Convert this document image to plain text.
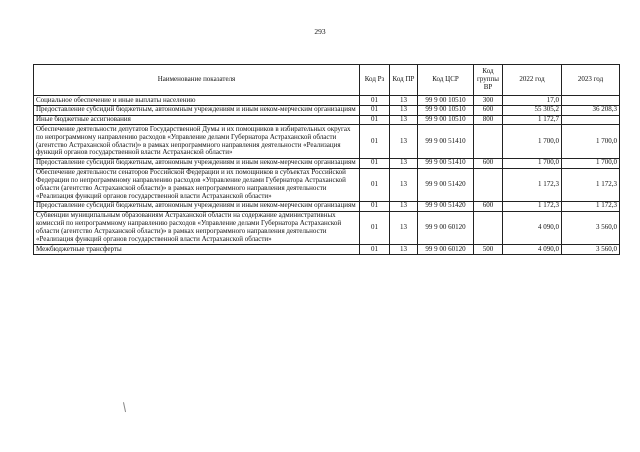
293
Наименование показателя	Код Рз	Код ПР	Код ЦСР	Код группы ВР	2022 год	2023 год
Социальное обеспечение и иные выплаты населению	01	13	99 9 00 10510	300	17,0	
Предоставление субсидий бюджетным, автономным учреждениям и иным неком-мерческим организациям	01	13	99 9 00 10510	600	55 305,2	36 208,3
Иные бюджетные ассигнования	01	13	99 9 00 10510	800	1 172,7	
Обеспечение деятельности депутатов Государственной Думы и их помощников в избирательных округах по непрограммному направлению расходов «Управление делами Губернатора Астраханской области (агентство Астраханской области)» в рамках непрограммного направления деятельности «Реализация функций органов государственной власти Астраханской области»	01	13	99 9 00 51410		1 700,0	1 700,0
Предоставление субсидий бюджетным, автономным учреждениям и иным неком-мерческим организациям	01	13	99 9 00 51410	600	1 700,0	1 700,0
Обеспечение деятельности сенаторов Российской Федерации и их помощников в субъектах Российской Федерации по непрограммному направлению расходов «Управление делами Губернатора Астраханской области (агентство Астраханской области)» в рамках непрограммного направления деятельности «Реализация функций органов государственной власти Астраханской области»	01	13	99 9 00 51420		1 172,3	1 172,3
Предоставление субсидий бюджетным, автономным учреждениям и иным неком-мерческим организациям	01	13	99 9 00 51420	600	1 172,3	1 172,3
Субвенции муниципальным образованиям Астраханской области на содержание административных комиссий по непрограммному направлению расходов «Управление делами Губернатора Астраханской области (агентство Астраханской области)» в рамках непрограммного направления деятельности «Реализация функций органов государственной власти Астраханской области»	01	13	99 9 00 60120		4 090,0	3 560,0
Межбюджетные трансферты	01	13	99 9 00 60120	500	4 090,0	3 560,0
